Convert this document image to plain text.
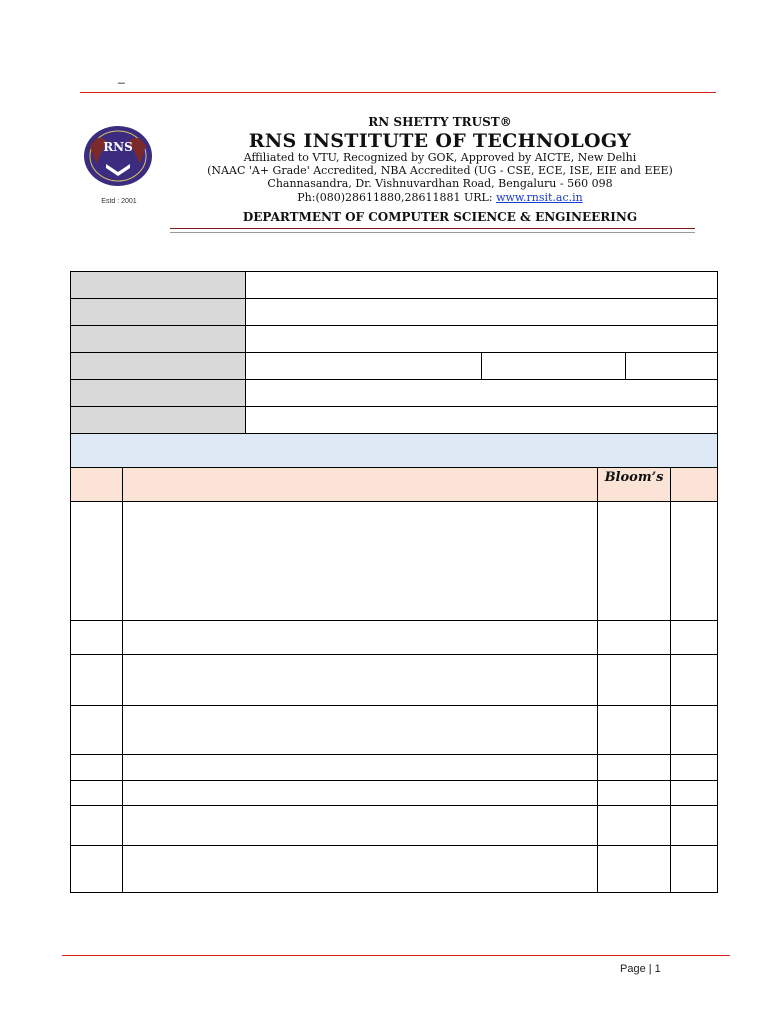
_
RNS
Estd : 2001
RN SHETTY TRUST®
RNS INSTITUTE OF TECHNOLOGY
Affiliated to VTU, Recognized by GOK, Approved by AICTE, New Delhi
(NAAC 'A+ Grade' Accredited, NBA Accredited (UG - CSE, ECE, ISE, EIE and EEE)
Channasandra, Dr. Vishnuvardhan Road, Bengaluru - 560 098
Ph:(080)28611880,28611881 URL: www.rnsit.ac.in
DEPARTMENT OF COMPUTER SCIENCE & ENGINEERING
Bloom’s
Page | 1
